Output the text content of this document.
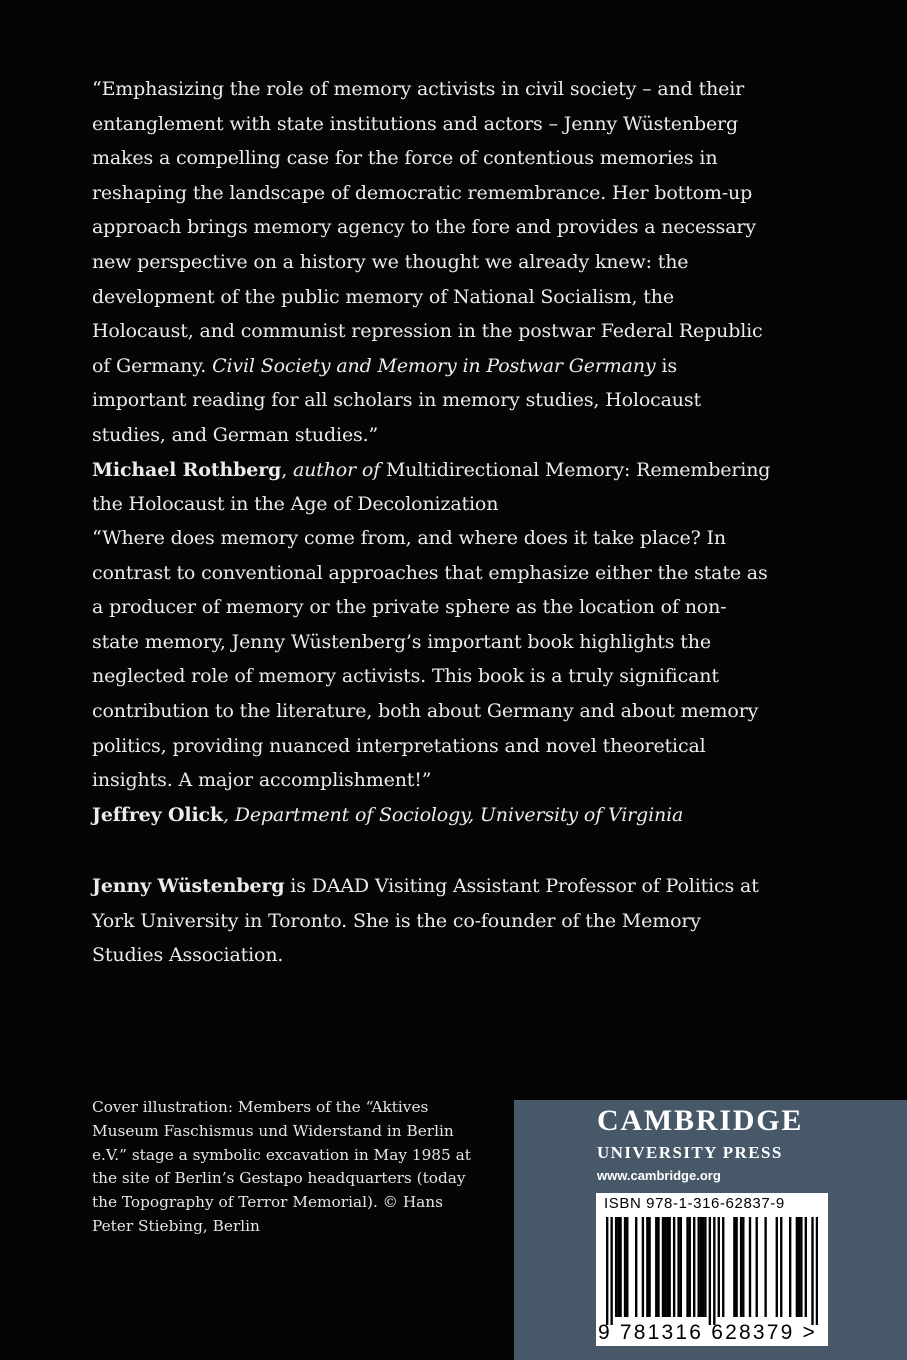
“Emphasizing the role of memory activists in civil society – and their entanglement with state institutions and actors – Jenny Wüstenberg makes a compelling case for the force of contentious memories in reshaping the landscape of democratic remembrance. Her bottom-up approach brings memory agency to the fore and provides a necessary new perspective on a history we thought we already knew: the development of the public memory of National Socialism, the Holocaust, and communist repression in the postwar Federal Republic of Germany. Civil Society and Memory in Postwar Germany is important reading for all scholars in memory studies, Holocaust studies, and German studies.”

Michael Rothberg, author of Multidirectional Memory: Remembering the Holocaust in the Age of Decolonization

“Where does memory come from, and where does it take place? In contrast to conventional approaches that emphasize either the state as a producer of memory or the private sphere as the location of non-state memory, Jenny Wüstenberg’s important book highlights the neglected role of memory activists. This book is a truly significant contribution to the literature, both about Germany and about memory politics, providing nuanced interpretations and novel theoretical insights. A major accomplishment!”

Jeffrey Olick, Department of Sociology, University of Virginia

Jenny Wüstenberg is DAAD Visiting Assistant Professor of Politics at York University in Toronto. She is the co-founder of the Memory Studies Association.

Cover illustration: Members of the “Aktives Museum Faschismus und Widerstand in Berlin e.V.” stage a symbolic excavation in May 1985 at the site of Berlin’s Gestapo headquarters (today the Topography of Terror Memorial). © Hans Peter Stiebing, Berlin
CAMBRIDGE
UNIVERSITY PRESS
www.cambridge.org
ISBN 978-1-316-62837-9
9 781316 628379 >
